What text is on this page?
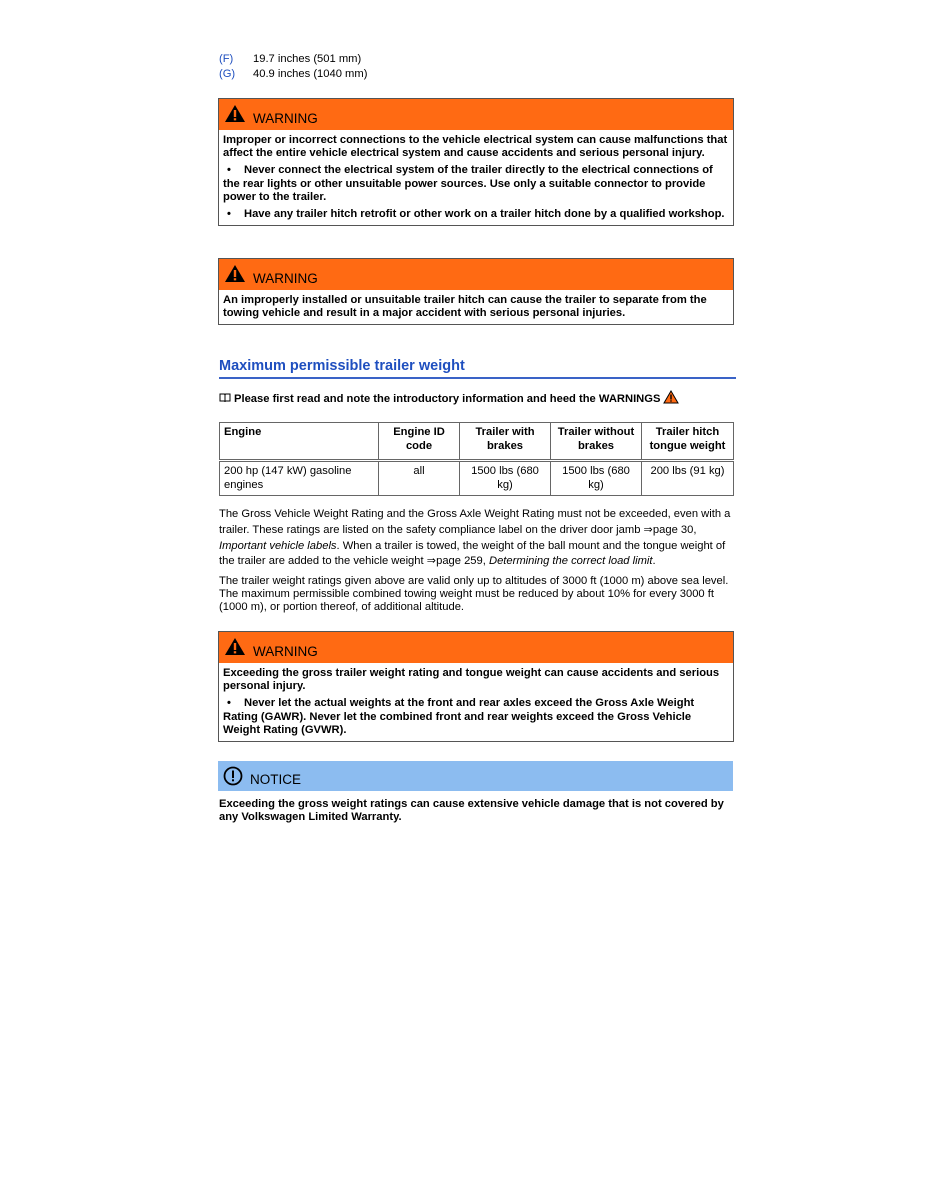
(F)	19.7 inches (501 mm)
(G)	40.9 inches (1040 mm)
WARNING

Improper or incorrect connections to the vehicle electrical system can cause malfunctions that affect the entire vehicle electrical system and cause accidents and serious personal injury.

• Never connect the electrical system of the trailer directly to the electrical connections of the rear lights or other unsuitable power sources. Use only a suitable connector to provide power to the trailer.

• Have any trailer hitch retrofit or other work on a trailer hitch done by a qualified workshop.

WARNING

An improperly installed or unsuitable trailer hitch can cause the trailer to separate from the towing vehicle and result in a major accident with serious personal injuries.

Maximum permissible trailer weight
Please first read and note the introductory information and heed the WARNINGS
Engine	Engine ID code	Trailer with brakes	Trailer without brakes	Trailer hitch tongue weight
200 hp (147 kW) gasoline engines	all	1500 lbs (680 kg)	1500 lbs (680 kg)	200 lbs (91 kg)
The Gross Vehicle Weight Rating and the Gross Axle Weight Rating must not be exceeded, even with a trailer. These ratings are listed on the safety compliance label on the driver door jamb ⇒page 30, Important vehicle labels. When a trailer is towed, the weight of the ball mount and the tongue weight of the trailer are added to the vehicle weight ⇒page 259, Determining the correct load limit.
The trailer weight ratings given above are valid only up to altitudes of 3000 ft (1000 m) above sea level. The maximum permissible combined towing weight must be reduced by about 10% for every 3000 ft (1000 m), or portion thereof, of additional altitude.
WARNING

Exceeding the gross trailer weight rating and tongue weight can cause accidents and serious personal injury.

• Never let the actual weights at the front and rear axles exceed the Gross Axle Weight Rating (GAWR). Never let the combined front and rear weights exceed the Gross Vehicle Weight Rating (GVWR).

NOTICE
Exceeding the gross weight ratings can cause extensive vehicle damage that is not covered by any Volkswagen Limited Warranty.
